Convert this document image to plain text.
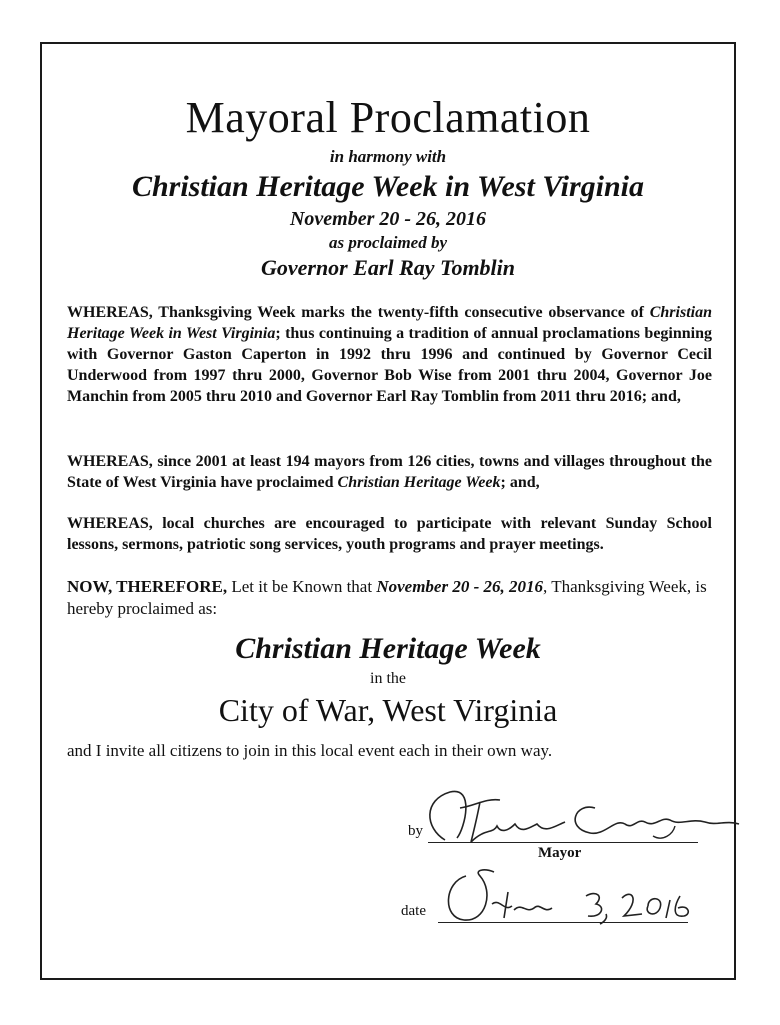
Mayoral Proclamation
in harmony with
Christian Heritage Week in West Virginia
November 20 - 26, 2016
as proclaimed by
Governor Earl Ray Tomblin
WHEREAS, Thanksgiving Week marks the twenty-fifth consecutive observance of Christian Heritage Week in West Virginia; thus continuing a tradition of annual proclamations beginning with Governor Gaston Caperton in 1992 thru 1996 and continued by Governor Cecil Underwood from 1997 thru 2000, Governor Bob Wise from 2001 thru 2004, Governor Joe Manchin from 2005 thru 2010 and Governor Earl Ray Tomblin from 2011 thru 2016; and,
WHEREAS, since 2001 at least 194 mayors from 126 cities, towns and villages throughout the State of West Virginia have proclaimed Christian Heritage Week; and,
WHEREAS, local churches are encouraged to participate with relevant Sunday School lessons, sermons, patriotic song services, youth programs and prayer meetings.
NOW, THEREFORE, Let it be Known that November 20 - 26, 2016, Thanksgiving Week, is hereby proclaimed as:
Christian Heritage Week
in the
City of War, West Virginia
and I invite all citizens to join in this local event each in their own way.
by
Mayor
date
